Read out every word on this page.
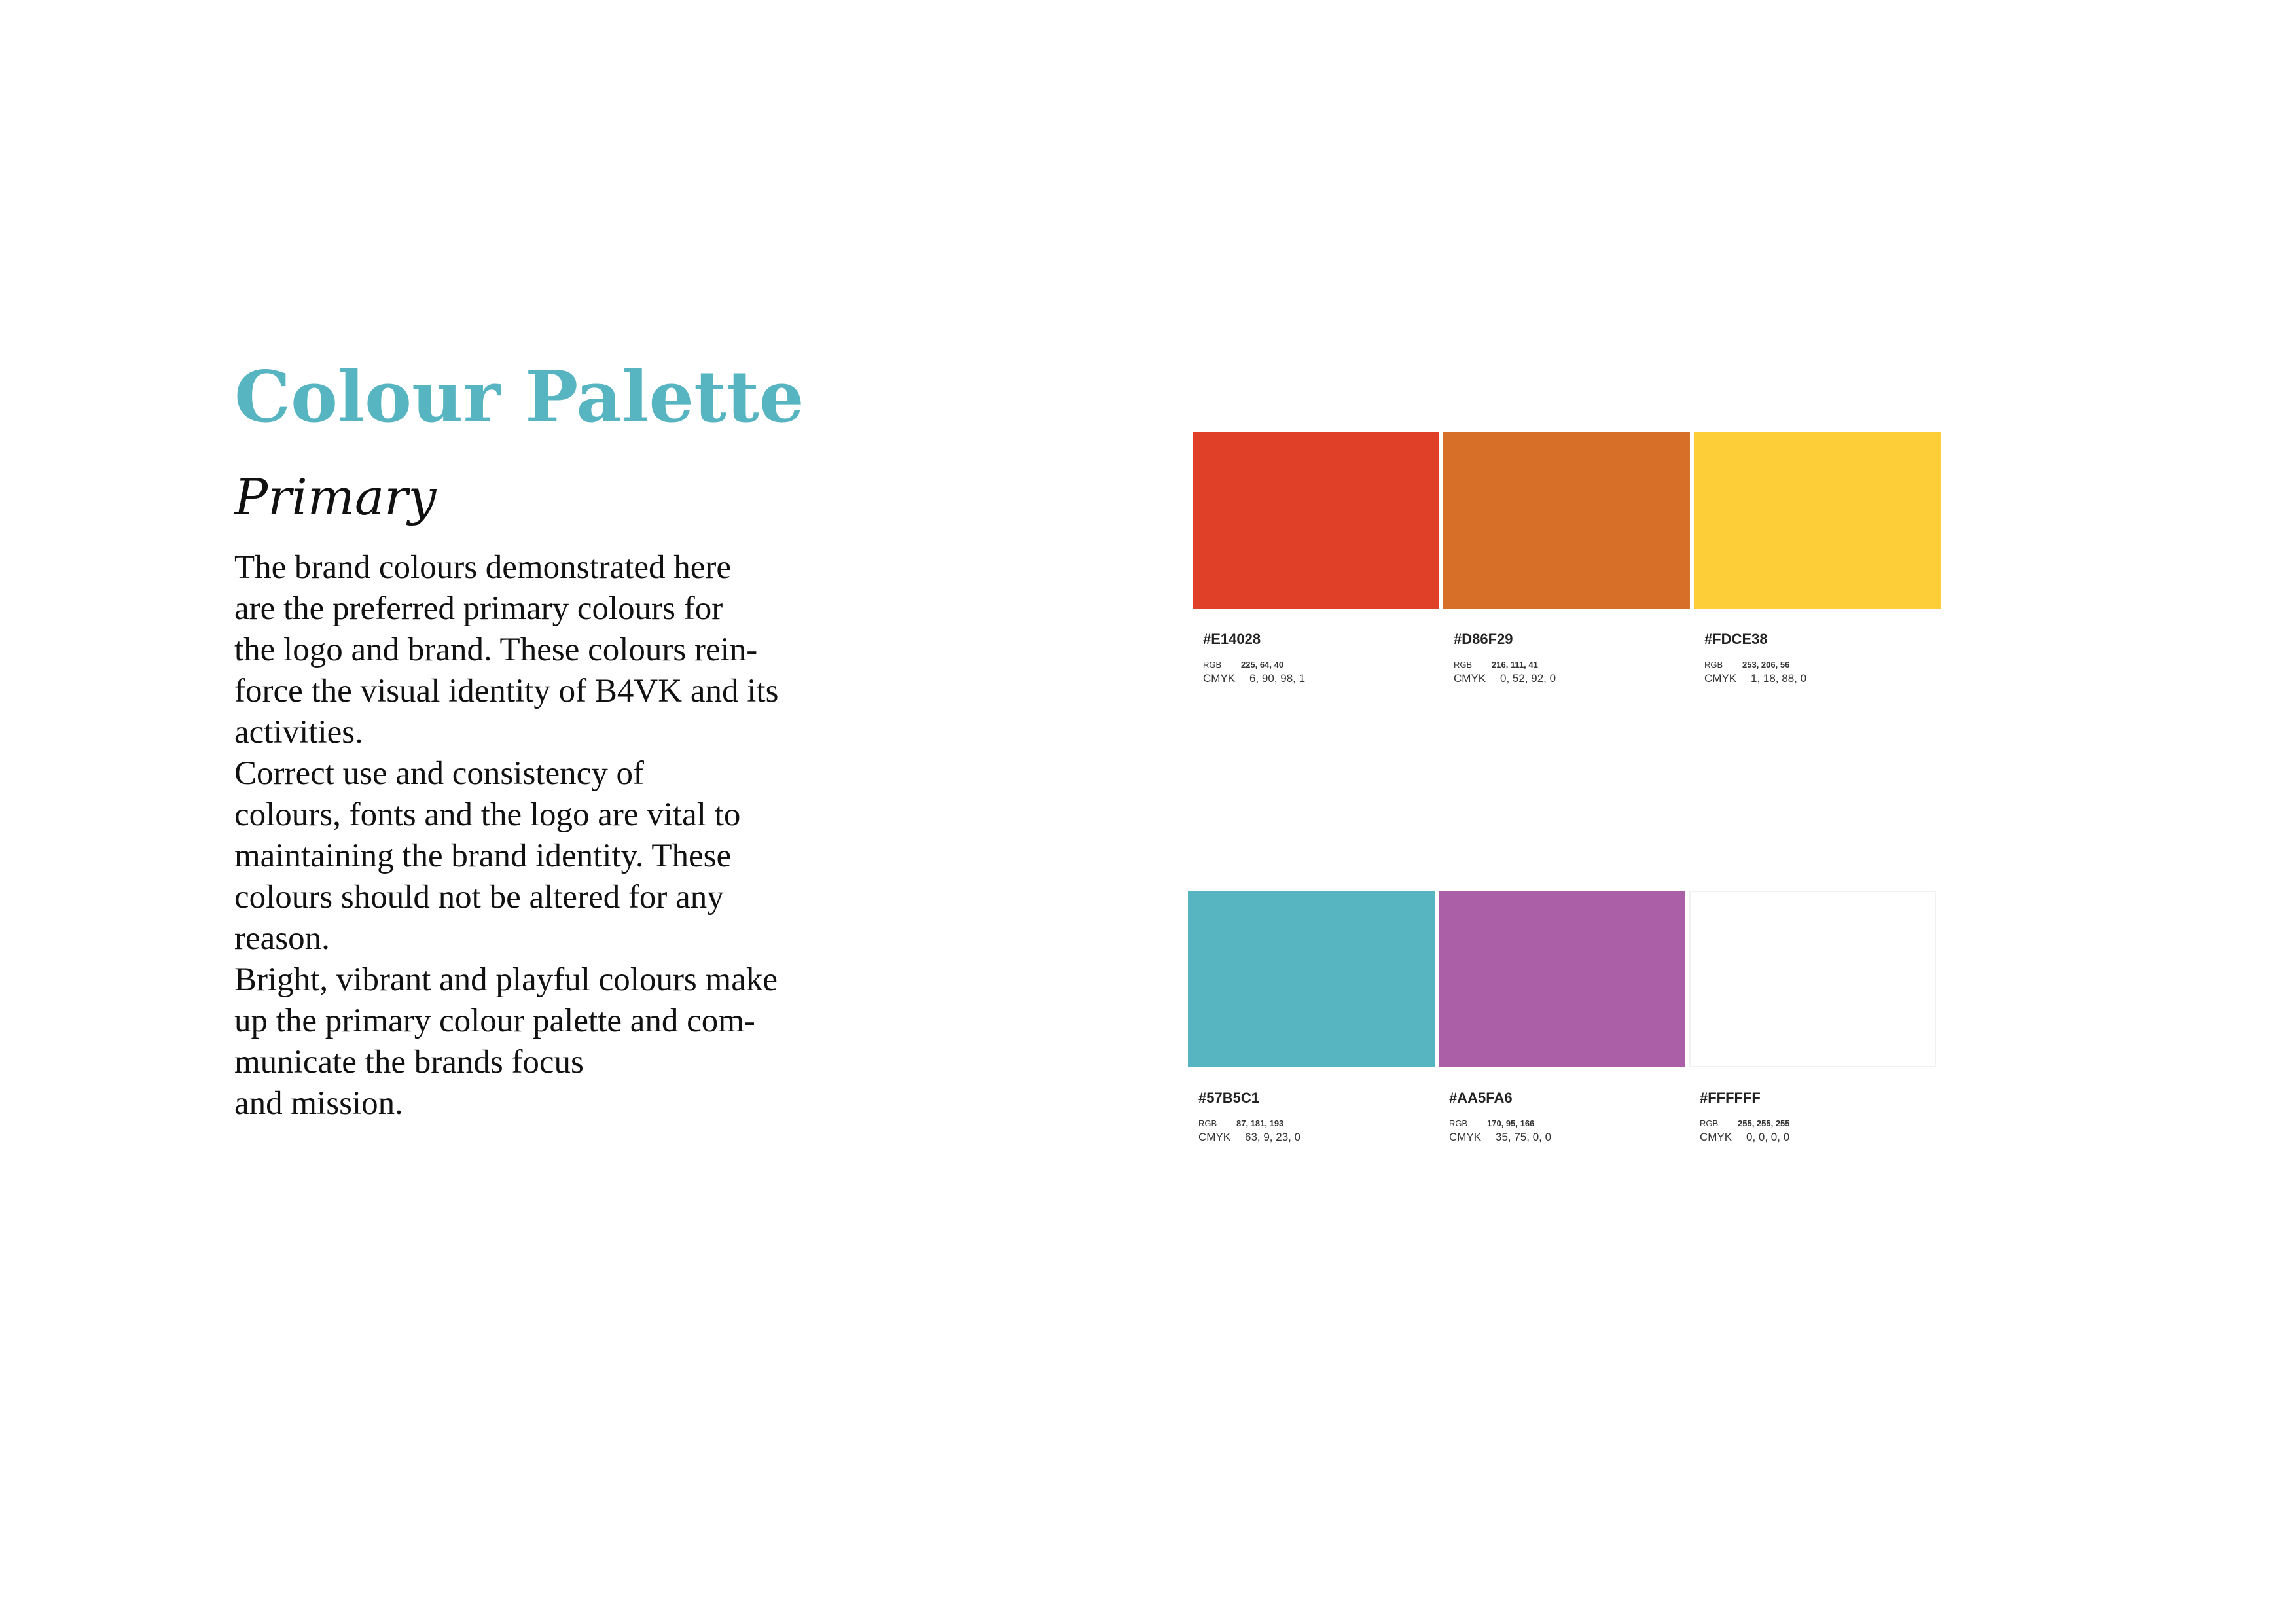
Colour Palette
Primary
The brand colours demonstrated here
are the preferred primary colours for
the logo and brand. These colours rein-
force the visual identity of B4VK and its
activities.
Correct use and consistency of
colours, fonts and the logo are vital to
maintaining the brand identity. These
colours should not be altered for any
reason.
Bright, vibrant and playful colours make
up the primary colour palette and com-
municate the brands focus
and mission.
#E14028
RGB 225, 64, 40
CMYK 6, 90, 98, 1
#D86F29
RGB 216, 111, 41
CMYK 0, 52, 92, 0
#FDCE38
RGB 253, 206, 56
CMYK 1, 18, 88, 0
#57B5C1
RGB 87, 181, 193
CMYK 63, 9, 23, 0
#AA5FA6
RGB 170, 95, 166
CMYK 35, 75, 0, 0
#FFFFFF
RGB 255, 255, 255
CMYK 0, 0, 0, 0
